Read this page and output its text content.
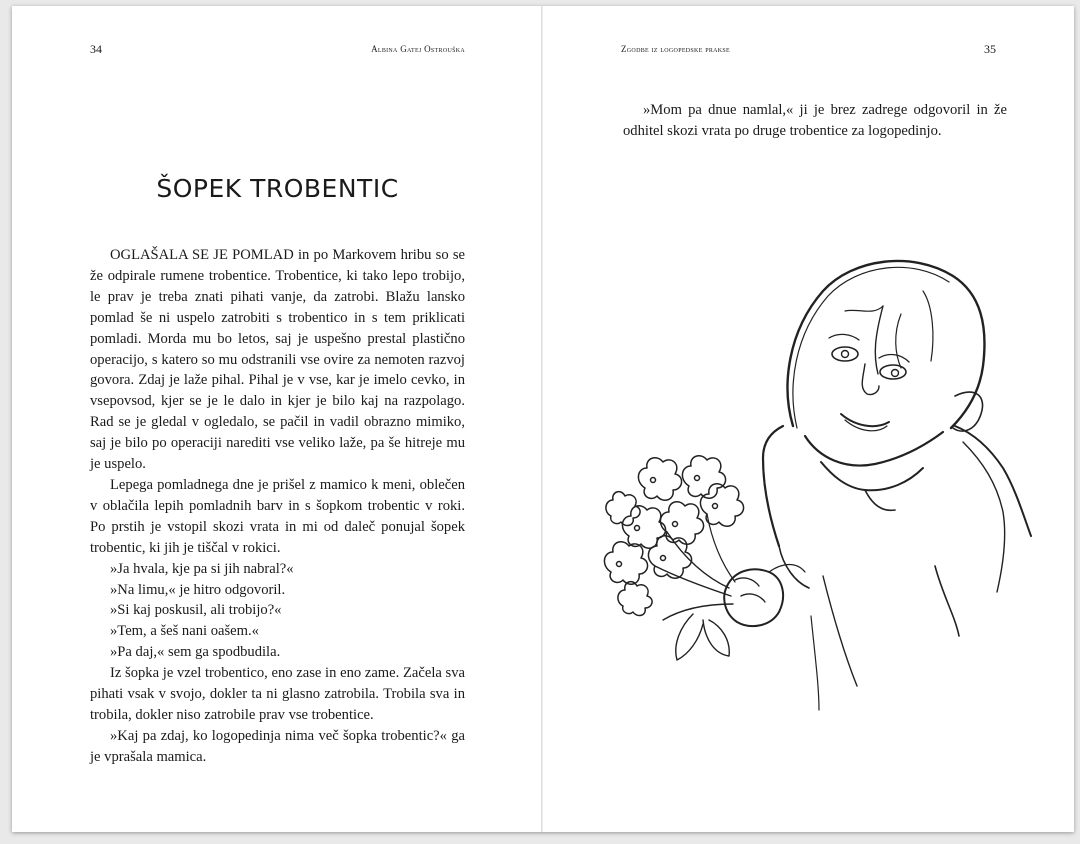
34	Albina Gatej Ostrouška
ŠOPEK TROBENTIC

OGLAŠALA SE JE POMLAD in po Markovem hribu so se že odpirale rumene trobentice. Trobentice, ki tako lepo trobijo, le prav je treba znati pihati vanje, da zatrobi. Blažu lansko pomlad še ni uspelo zatrobiti s trobentico in s tem priklicati pomladi. Morda mu bo letos, saj je uspešno prestal plastično operacijo, s katero so mu odstranili vse ovire za nemoten razvoj govora. Zdaj je laže pihal. Pihal je v vse, kar je imelo cevko, in vsepovsod, kjer se je le dalo in kjer je bilo kaj na razpolago. Rad se je gledal v ogledalo, se pačil in vadil obrazno mimiko, saj je bilo po operaciji narediti vse veliko laže, pa še hitreje mu je uspelo.

Lepega pomladnega dne je prišel z mamico k meni, oblečen v oblačila lepih pomladnih barv in s šopkom trobentic v roki. Po prstih je vstopil skozi vrata in mi od daleč ponujal šopek trobentic, ki jih je tiščal v rokici.

»Ja hvala, kje pa si jih nabral?«

»Na limu,« je hitro odgovoril.

»Si kaj poskusil, ali trobijo?«

»Tem, a šeš nani oašem.«

»Pa daj,« sem ga spodbudila.

Iz šopka je vzel trobentico, eno zase in eno zame. Začela sva pihati vsak v svojo, dokler ta ni glasno zatrobila. Trobila sva in trobila, dokler niso zatrobile prav vse trobentice.

»Kaj pa zdaj, ko logopedinja nima več šopka trobentic?« ga je vprašala mamica.

Zgodbe iz logopedske prakse	35

»Mom pa dnue namlal,« ji je brez zadrege odgovoril in že odhitel skozi vrata po druge trobentice za logopedinjo.
